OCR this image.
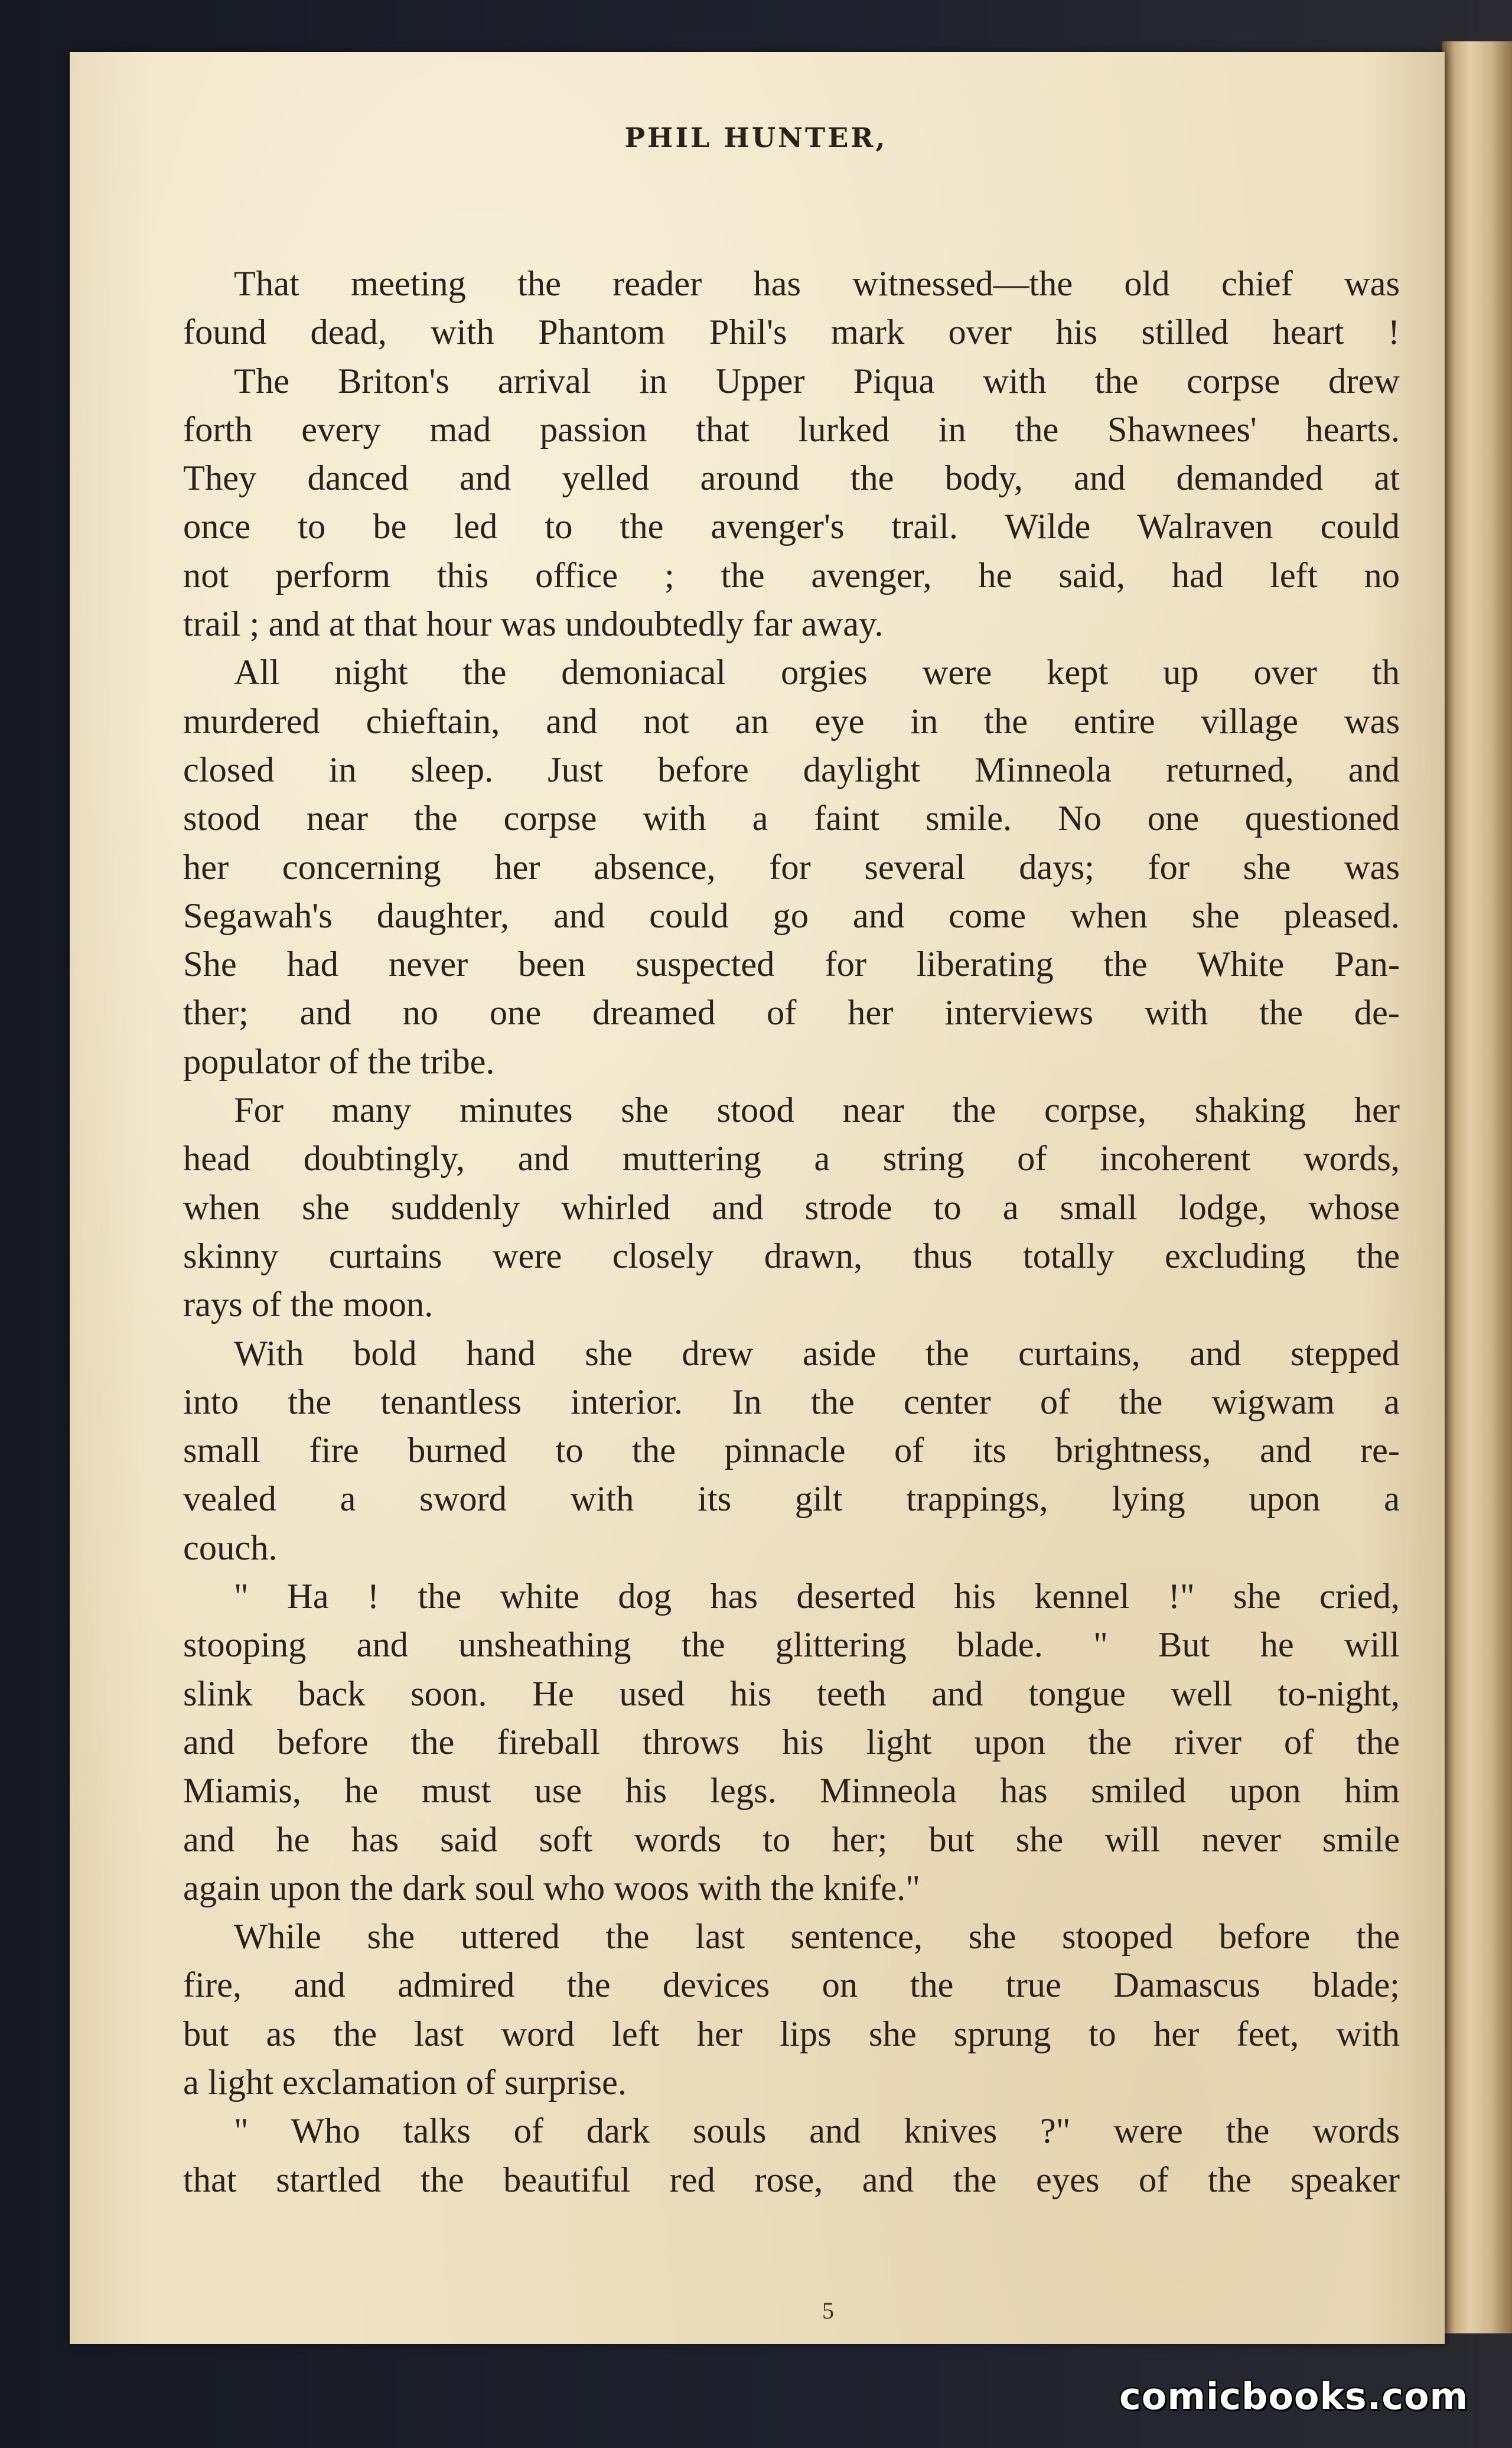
PHIL HUNTER,
That meeting the reader has witnessed—the old chief was
found dead, with Phantom Phil's mark over his stilled heart !
The Briton's arrival in Upper Piqua with the corpse drew
forth every mad passion that lurked in the Shawnees' hearts.
They danced and yelled around the body, and demanded at
once to be led to the avenger's trail. Wilde Walraven could
not perform this office ; the avenger, he said, had left no
trail ; and at that hour was undoubtedly far away.
All night the demoniacal orgies were kept up over th
murdered chieftain, and not an eye in the entire village was
closed in sleep. Just before daylight Minneola returned, and
stood near the corpse with a faint smile. No one questioned
her concerning her absence, for several days; for she was
Segawah's daughter, and could go and come when she pleased.
She had never been suspected for liberating the White Pan-
ther; and no one dreamed of her interviews with the de-
populator of the tribe.
For many minutes she stood near the corpse, shaking her
head doubtingly, and muttering a string of incoherent words,
when she suddenly whirled and strode to a small lodge, whose
skinny curtains were closely drawn, thus totally excluding the
rays of the moon.
With bold hand she drew aside the curtains, and stepped
into the tenantless interior. In the center of the wigwam a
small fire burned to the pinnacle of its brightness, and re-
vealed a sword with its gilt trappings, lying upon a
couch.
" Ha ! the white dog has deserted his kennel !" she cried,
stooping and unsheathing the glittering blade. " But he will
slink back soon. He used his teeth and tongue well to-night,
and before the fireball throws his light upon the river of the
Miamis, he must use his legs. Minneola has smiled upon him
and he has said soft words to her; but she will never smile
again upon the dark soul who woos with the knife."
While she uttered the last sentence, she stooped before the
fire, and admired the devices on the true Damascus blade;
but as the last word left her lips she sprung to her feet, with
a light exclamation of surprise.
" Who talks of dark souls and knives ?" were the words
that startled the beautiful red rose, and the eyes of the speaker
5
comicbooks.com
